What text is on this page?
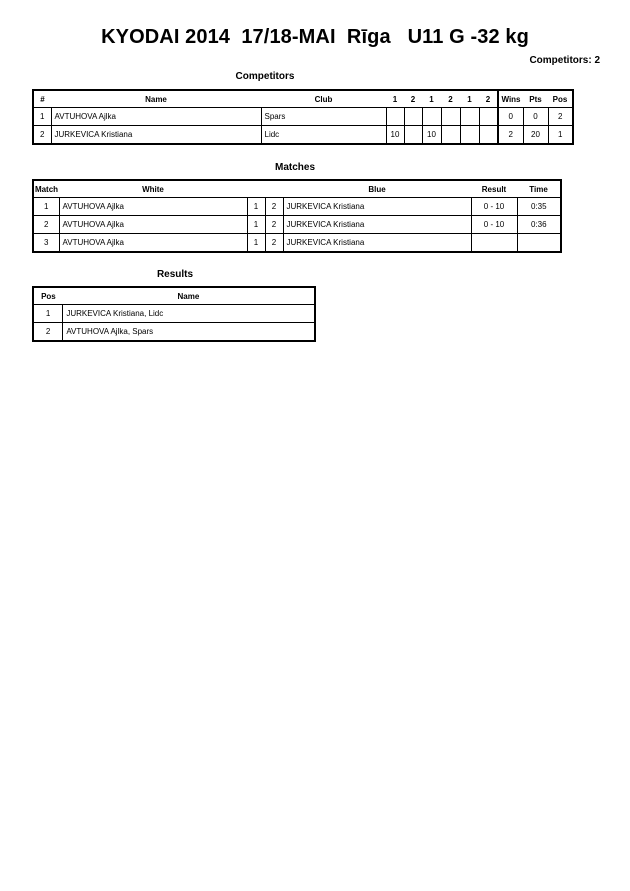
KYODAI 2014  17/18-MAI  Rīga   U11 G -32 kg
Competitors: 2
Competitors
#	Name	Club	1	2	1	2	1	2	Wins	Pts	Pos
1	AVTUHOVA Ajlka	Spars							0	0	2
2	JURKEVICA Kristiana	Lidc	10		10				2	20	1
Matches
Match	White			Blue	Result	Time
1	AVTUHOVA Ajlka	1	2	JURKEVICA Kristiana	0 - 10	0:35
2	AVTUHOVA Ajlka	1	2	JURKEVICA Kristiana	0 - 10	0:36
3	AVTUHOVA Ajlka	1	2	JURKEVICA Kristiana		
Results
Pos	Name
1	JURKEVICA Kristiana, Lidc
2	AVTUHOVA Ajlka, Spars
